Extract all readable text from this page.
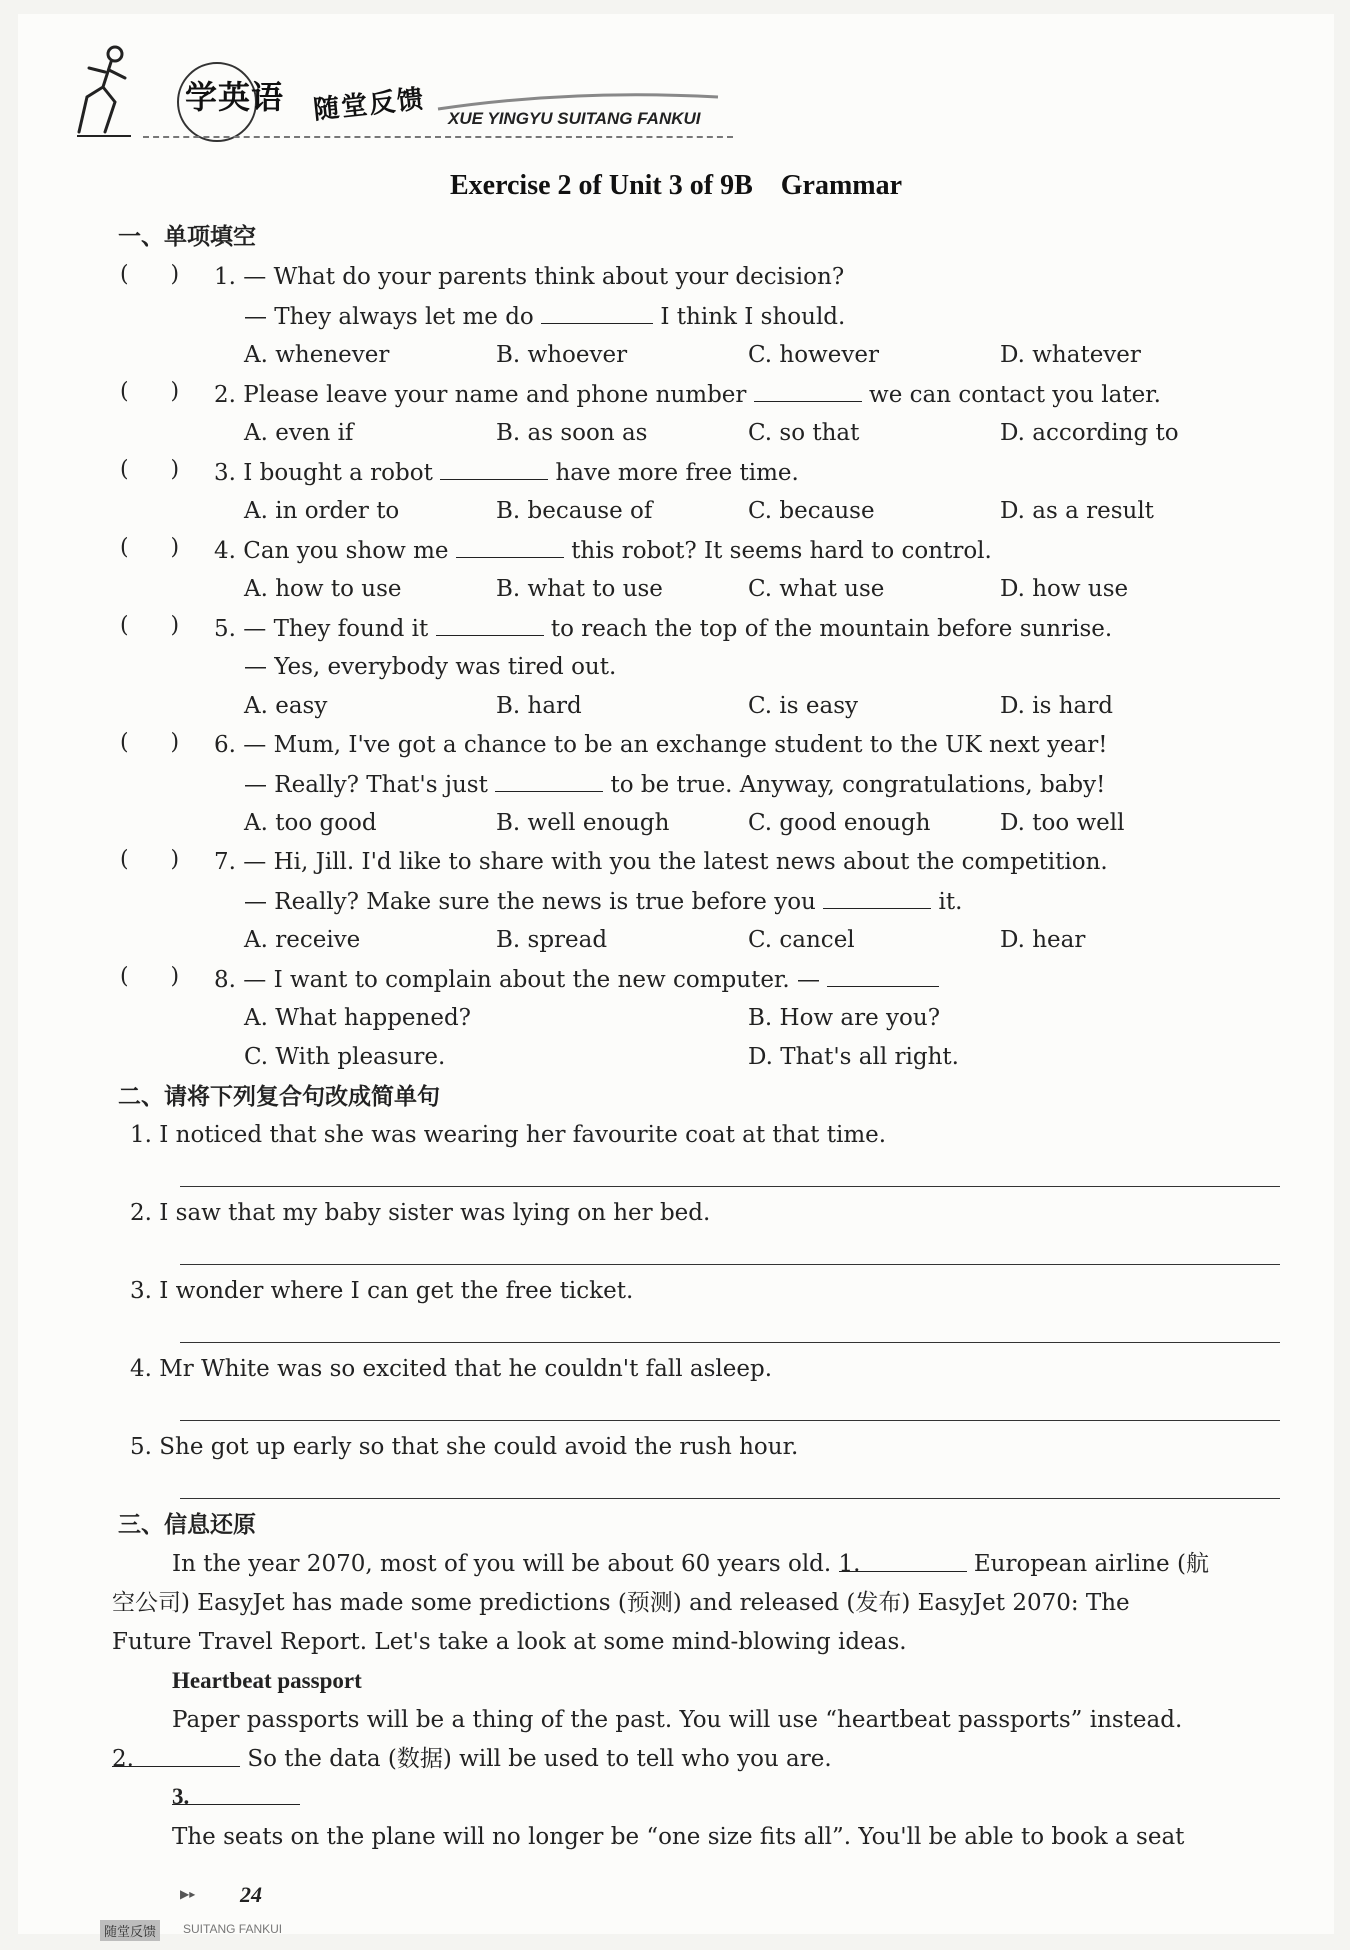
学英语 随堂反馈 XUE YINGYU SUITANG FANKUI
Exercise 2 of Unit 3 of 9B    Grammar
一、单项填空
(      ) 1. — What do your parents think about your decision?
— They always let me do	I think I should.
A. whenever	B. whoever	C. however	D. whatever
(      ) 2. Please leave your name and phone number	we can contact you later.
A. even if	B. as soon as	C. so that	D. according to
(      ) 3. I bought a robot	have more free time.
A. in order to	B. because of	C. because	D. as a result
(      ) 4. Can you show me	this robot? It seems hard to control.
A. how to use	B. what to use	C. what use	D. how use
(      ) 5. — They found it	to reach the top of the mountain before sunrise.
— Yes, everybody was tired out.
A. easy	B. hard	C. is easy	D. is hard
(      ) 6. — Mum, I've got a chance to be an exchange student to the UK next year!
— Really? That's just	to be true. Anyway, congratulations, baby!
A. too good	B. well enough	C. good enough	D. too well
(      ) 7. — Hi, Jill. I'd like to share with you the latest news about the competition.
— Really? Make sure the news is true before you	it.
A. receive	B. spread	C. cancel	D. hear
(      ) 8. — I want to complain about the new computer. —
A. What happened?	B. How are you?
C. With pleasure.	D. That's all right.
二、请将下列复合句改成简单句
1. I noticed that she was wearing her favourite coat at that time.
2. I saw that my baby sister was lying on her bed.
3. I wonder where I can get the free ticket.
4. Mr White was so excited that he couldn't fall asleep.
5. She got up early so that she could avoid the rush hour.
三、信息还原
In the year 2070, most of you will be about 60 years old. 1.	European airline (航
空公司) EasyJet has made some predictions (预测) and released (发布) EasyJet 2070: The
Future Travel Report. Let's take a look at some mind-blowing ideas.
Heartbeat passport
Paper passports will be a thing of the past. You will use “heartbeat passports” instead.
2.	So the data (数据) will be used to tell who you are.
3.
The seats on the plane will no longer be “one size fits all”. You'll be able to book a seat
▶▸ 24
随堂反馈	SUITANG FANKUI
